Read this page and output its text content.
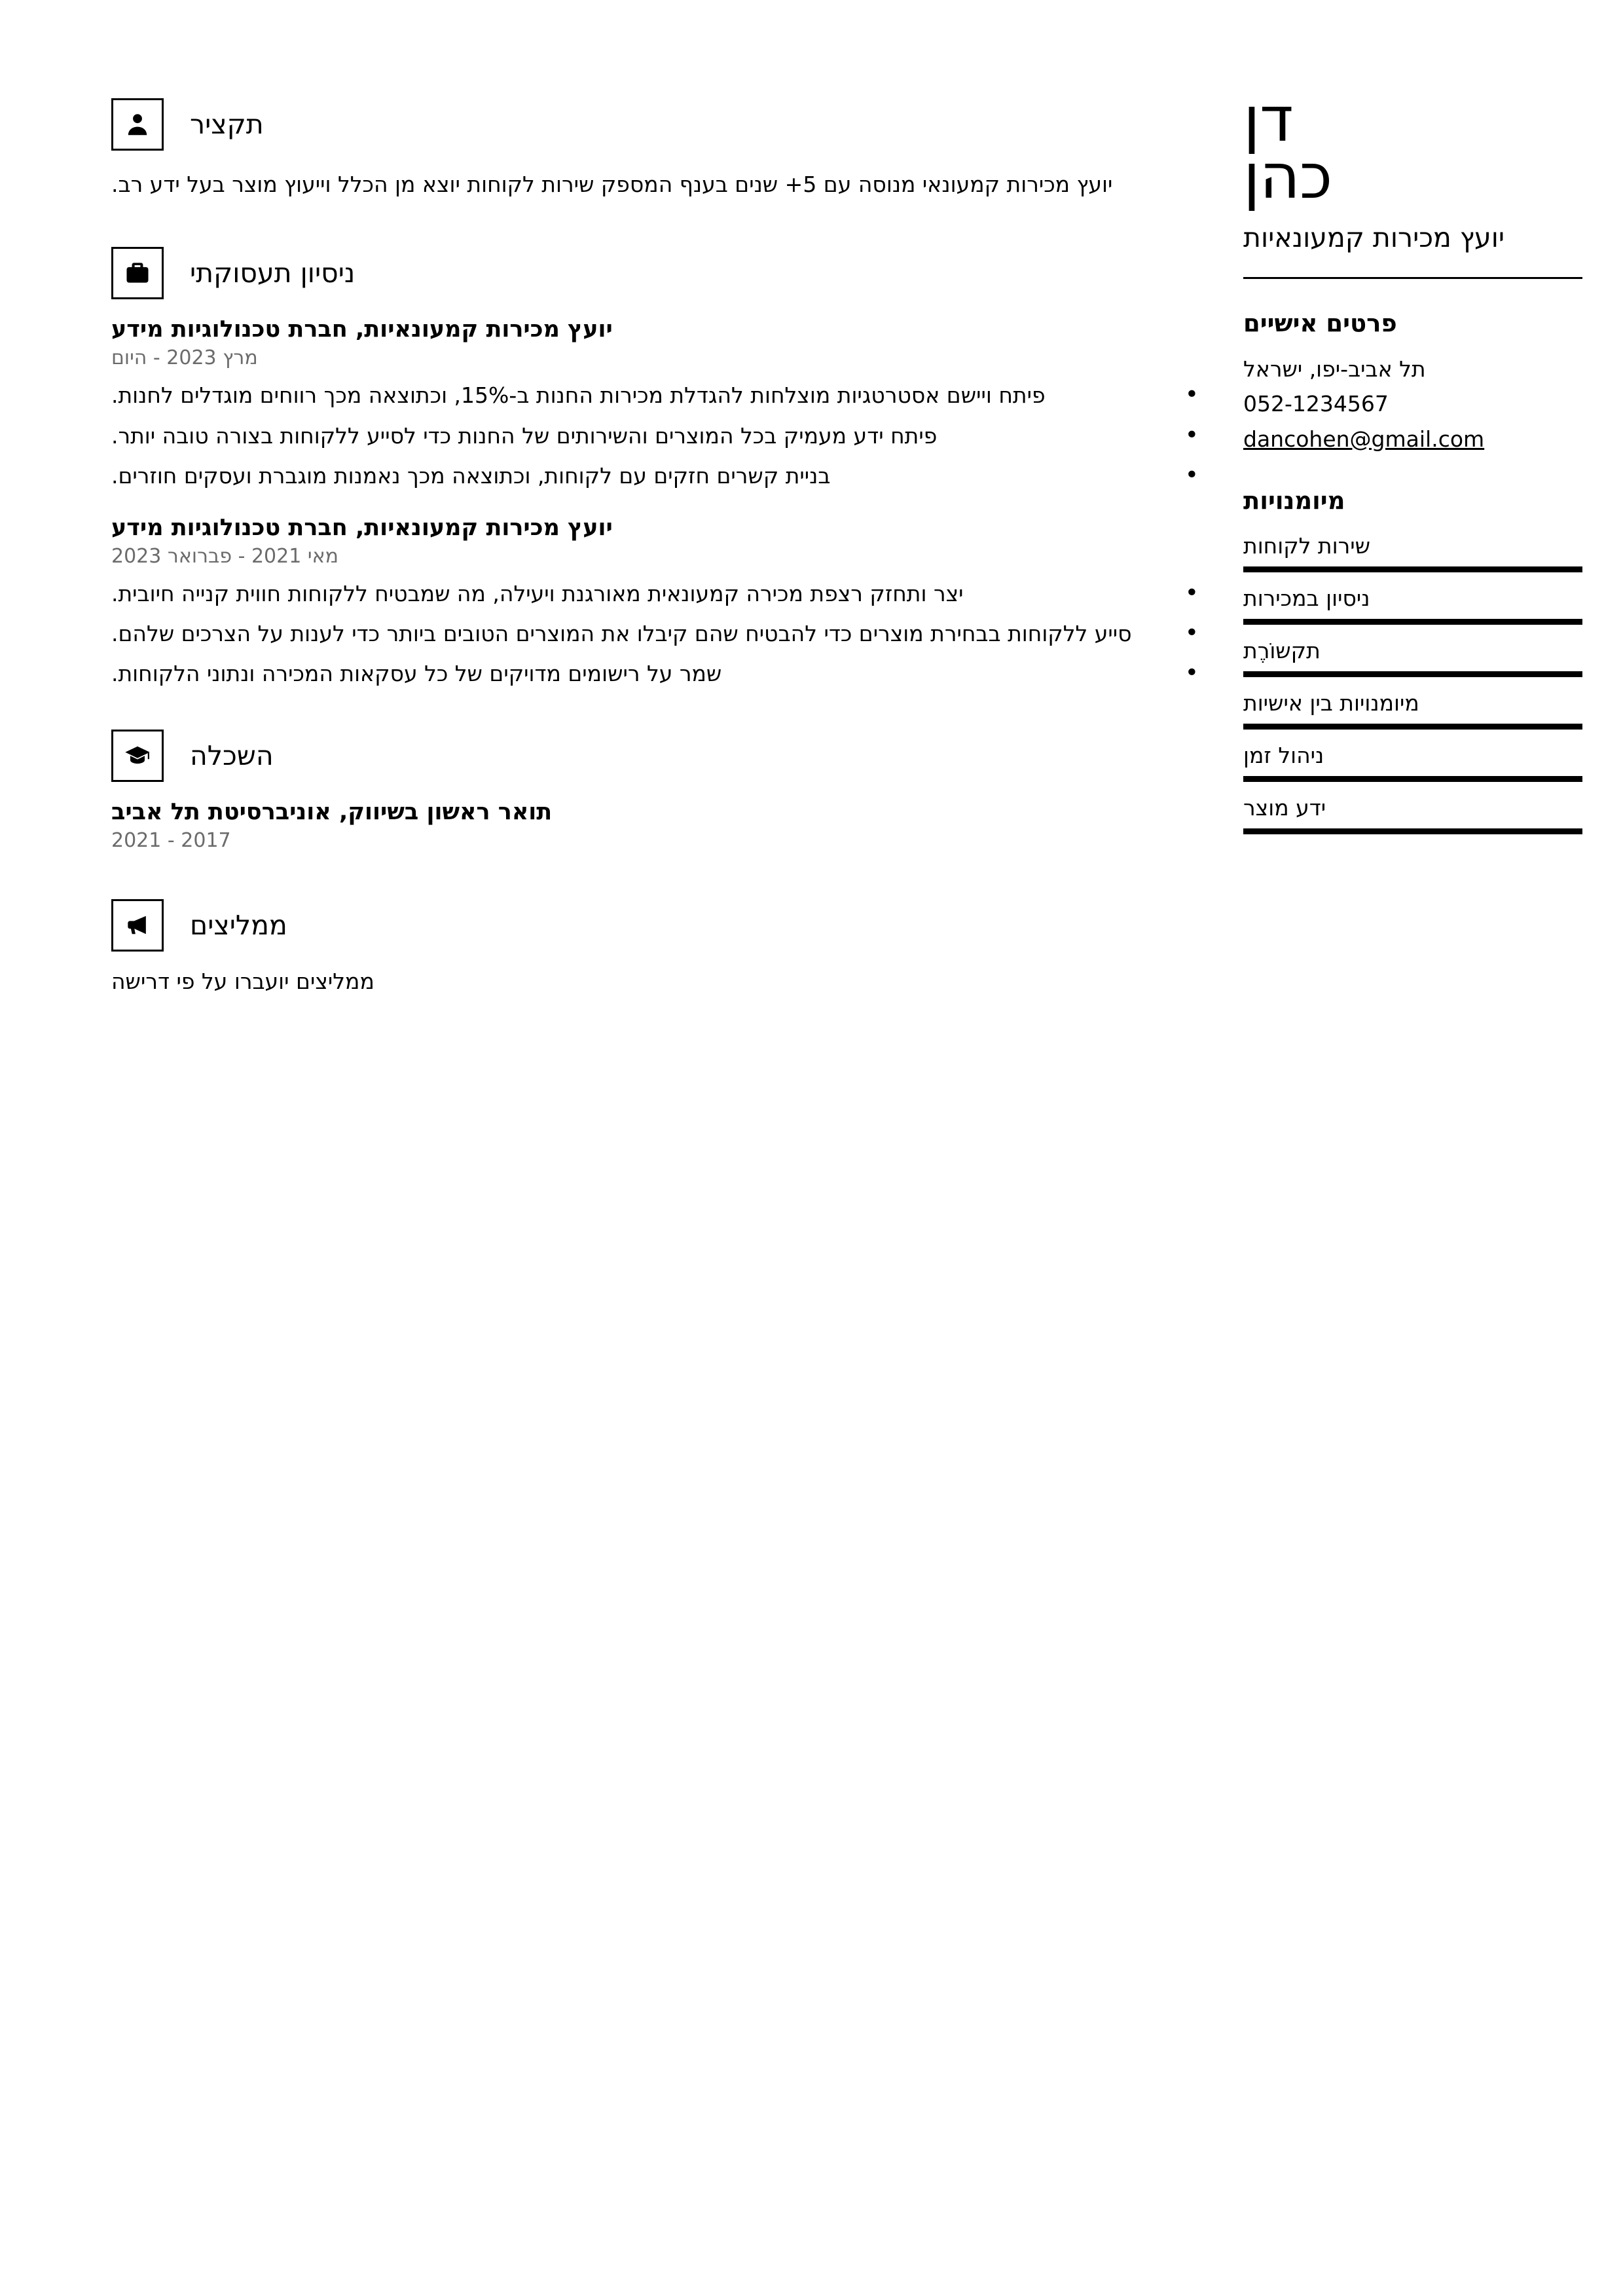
דן
כהן
יועץ מכירות קמעונאיות
פרטים אישיים
תל אביב-יפו, ישראל
052-1234567
dancohen@gmail.com
מיומנויות
שירות לקוחות
ניסיון במכירות
תקשוֹרֶת
מיומנויות בין אישיות
ניהול זמן
ידע מוצר
תקציר
יועץ מכירות קמעונאי מנוסה עם 5+ שנים בענף המספק שירות לקוחות יוצא מן הכלל וייעוץ מוצר בעל ידע רב.
ניסיון תעסוקתי
יועץ מכירות קמעונאיות, חברת טכנולוגיות מידע
מרץ 2023 - היום
• פיתח ויישם אסטרטגיות מוצלחות להגדלת מכירות החנות ב-15%, וכתוצאה מכך רווחים מוגדלים לחנות.
• פיתח ידע מעמיק בכל המוצרים והשירותים של החנות כדי לסייע ללקוחות בצורה טובה יותר.
• בניית קשרים חזקים עם לקוחות, וכתוצאה מכך נאמנות מוגברת ועסקים חוזרים.
יועץ מכירות קמעונאיות, חברת טכנולוגיות מידע
מאי 2021 - פברואר 2023
• יצר ותחזק רצפת מכירה קמעונאית מאורגנת ויעילה, מה שמבטיח ללקוחות חווית קנייה חיובית.
• סייע ללקוחות בבחירת מוצרים כדי להבטיח שהם קיבלו את המוצרים הטובים ביותר כדי לענות על הצרכים שלהם.
• שמר על רישומים מדויקים של כל עסקאות המכירה ונתוני הלקוחות.
השכלה
תואר ראשון בשיווק, אוניברסיטת תל אביב
2017 - 2021
ממליצים
ממליצים יועברו על פי דרישה
